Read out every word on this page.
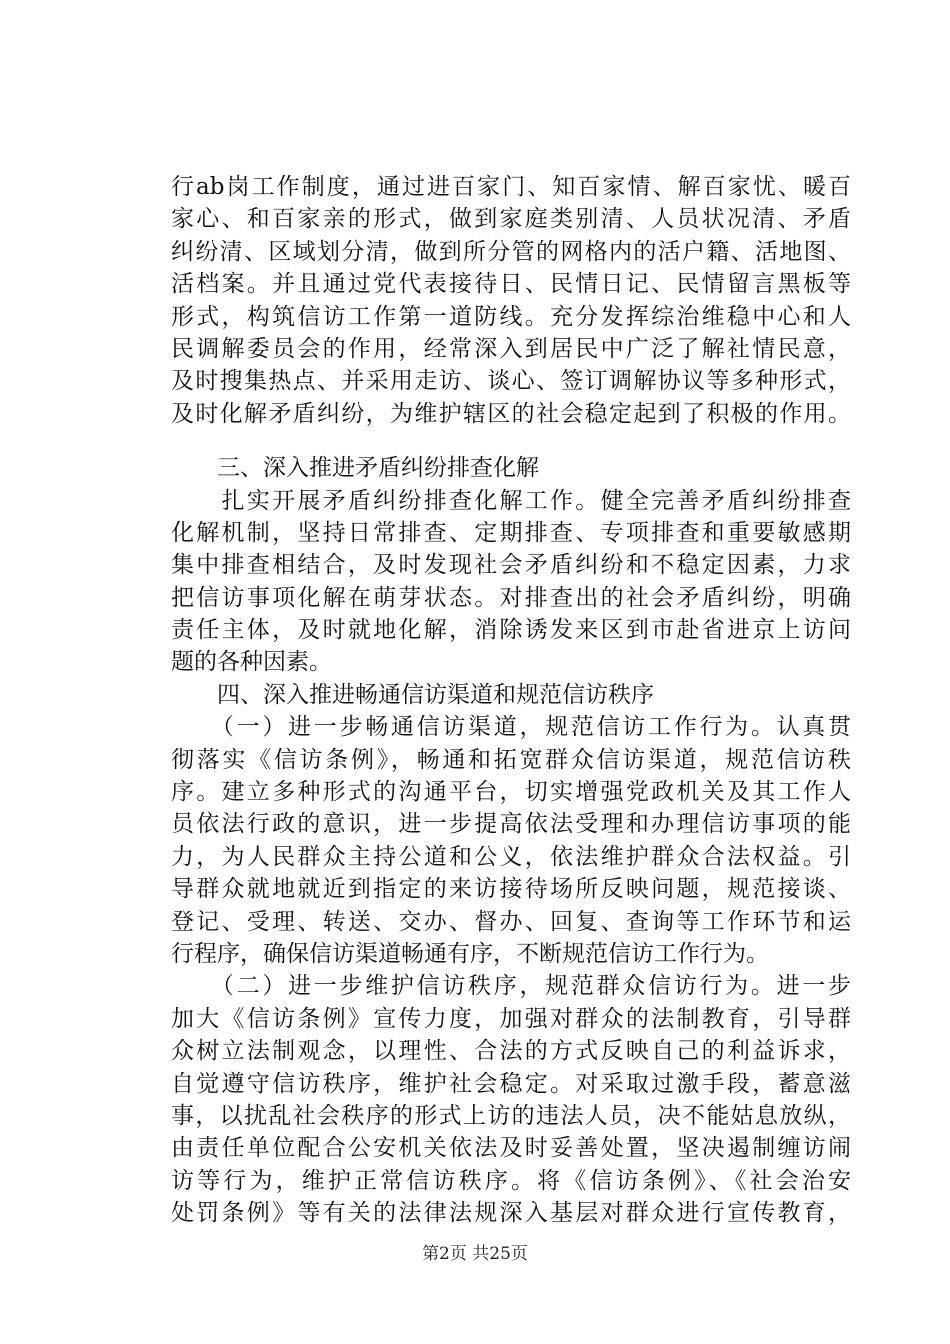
行ab岗工作制度，通过进百家门、知百家情、解百家忧、暖百
家心、和百家亲的形式，做到家庭类别清、人员状况清、矛盾
纠纷清、区域划分清，做到所分管的网格内的活户籍、活地图、
活档案。并且通过党代表接待日、民情日记、民情留言黑板等
形式，构筑信访工作第一道防线。充分发挥综治维稳中心和人
民调解委员会的作用，经常深入到居民中广泛了解社情民意，
及时搜集热点、并采用走访、谈心、签订调解协议等多种形式，
及时化解矛盾纠纷，为维护辖区的社会稳定起到了积极的作用。
　　三、深入推进矛盾纠纷排查化解
　　扎实开展矛盾纠纷排查化解工作。健全完善矛盾纠纷排查
化解机制，坚持日常排查、定期排查、专项排查和重要敏感期
集中排查相结合，及时发现社会矛盾纠纷和不稳定因素，力求
把信访事项化解在萌芽状态。对排查出的社会矛盾纠纷，明确
责任主体，及时就地化解，消除诱发来区到市赴省进京上访问
题的各种因素。
　　四、深入推进畅通信访渠道和规范信访秩序
　　（一）进一步畅通信访渠道，规范信访工作行为。认真贯
彻落实《信访条例》，畅通和拓宽群众信访渠道，规范信访秩
序。建立多种形式的沟通平台，切实增强党政机关及其工作人
员依法行政的意识，进一步提高依法受理和办理信访事项的能
力，为人民群众主持公道和公义，依法维护群众合法权益。引
导群众就地就近到指定的来访接待场所反映问题，规范接谈、
登记、受理、转送、交办、督办、回复、查询等工作环节和运
行程序，确保信访渠道畅通有序，不断规范信访工作行为。
　　（二）进一步维护信访秩序，规范群众信访行为。进一步
加大《信访条例》宣传力度，加强对群众的法制教育，引导群
众树立法制观念，以理性、合法的方式反映自己的利益诉求，
自觉遵守信访秩序，维护社会稳定。对采取过激手段，蓄意滋
事，以扰乱社会秩序的形式上访的违法人员，决不能姑息放纵，
由责任单位配合公安机关依法及时妥善处置，坚决遏制缠访闹
访等行为，维护正常信访秩序。将《信访条例》、《社会治安
处罚条例》等有关的法律法规深入基层对群众进行宣传教育，
第2页 共25页
